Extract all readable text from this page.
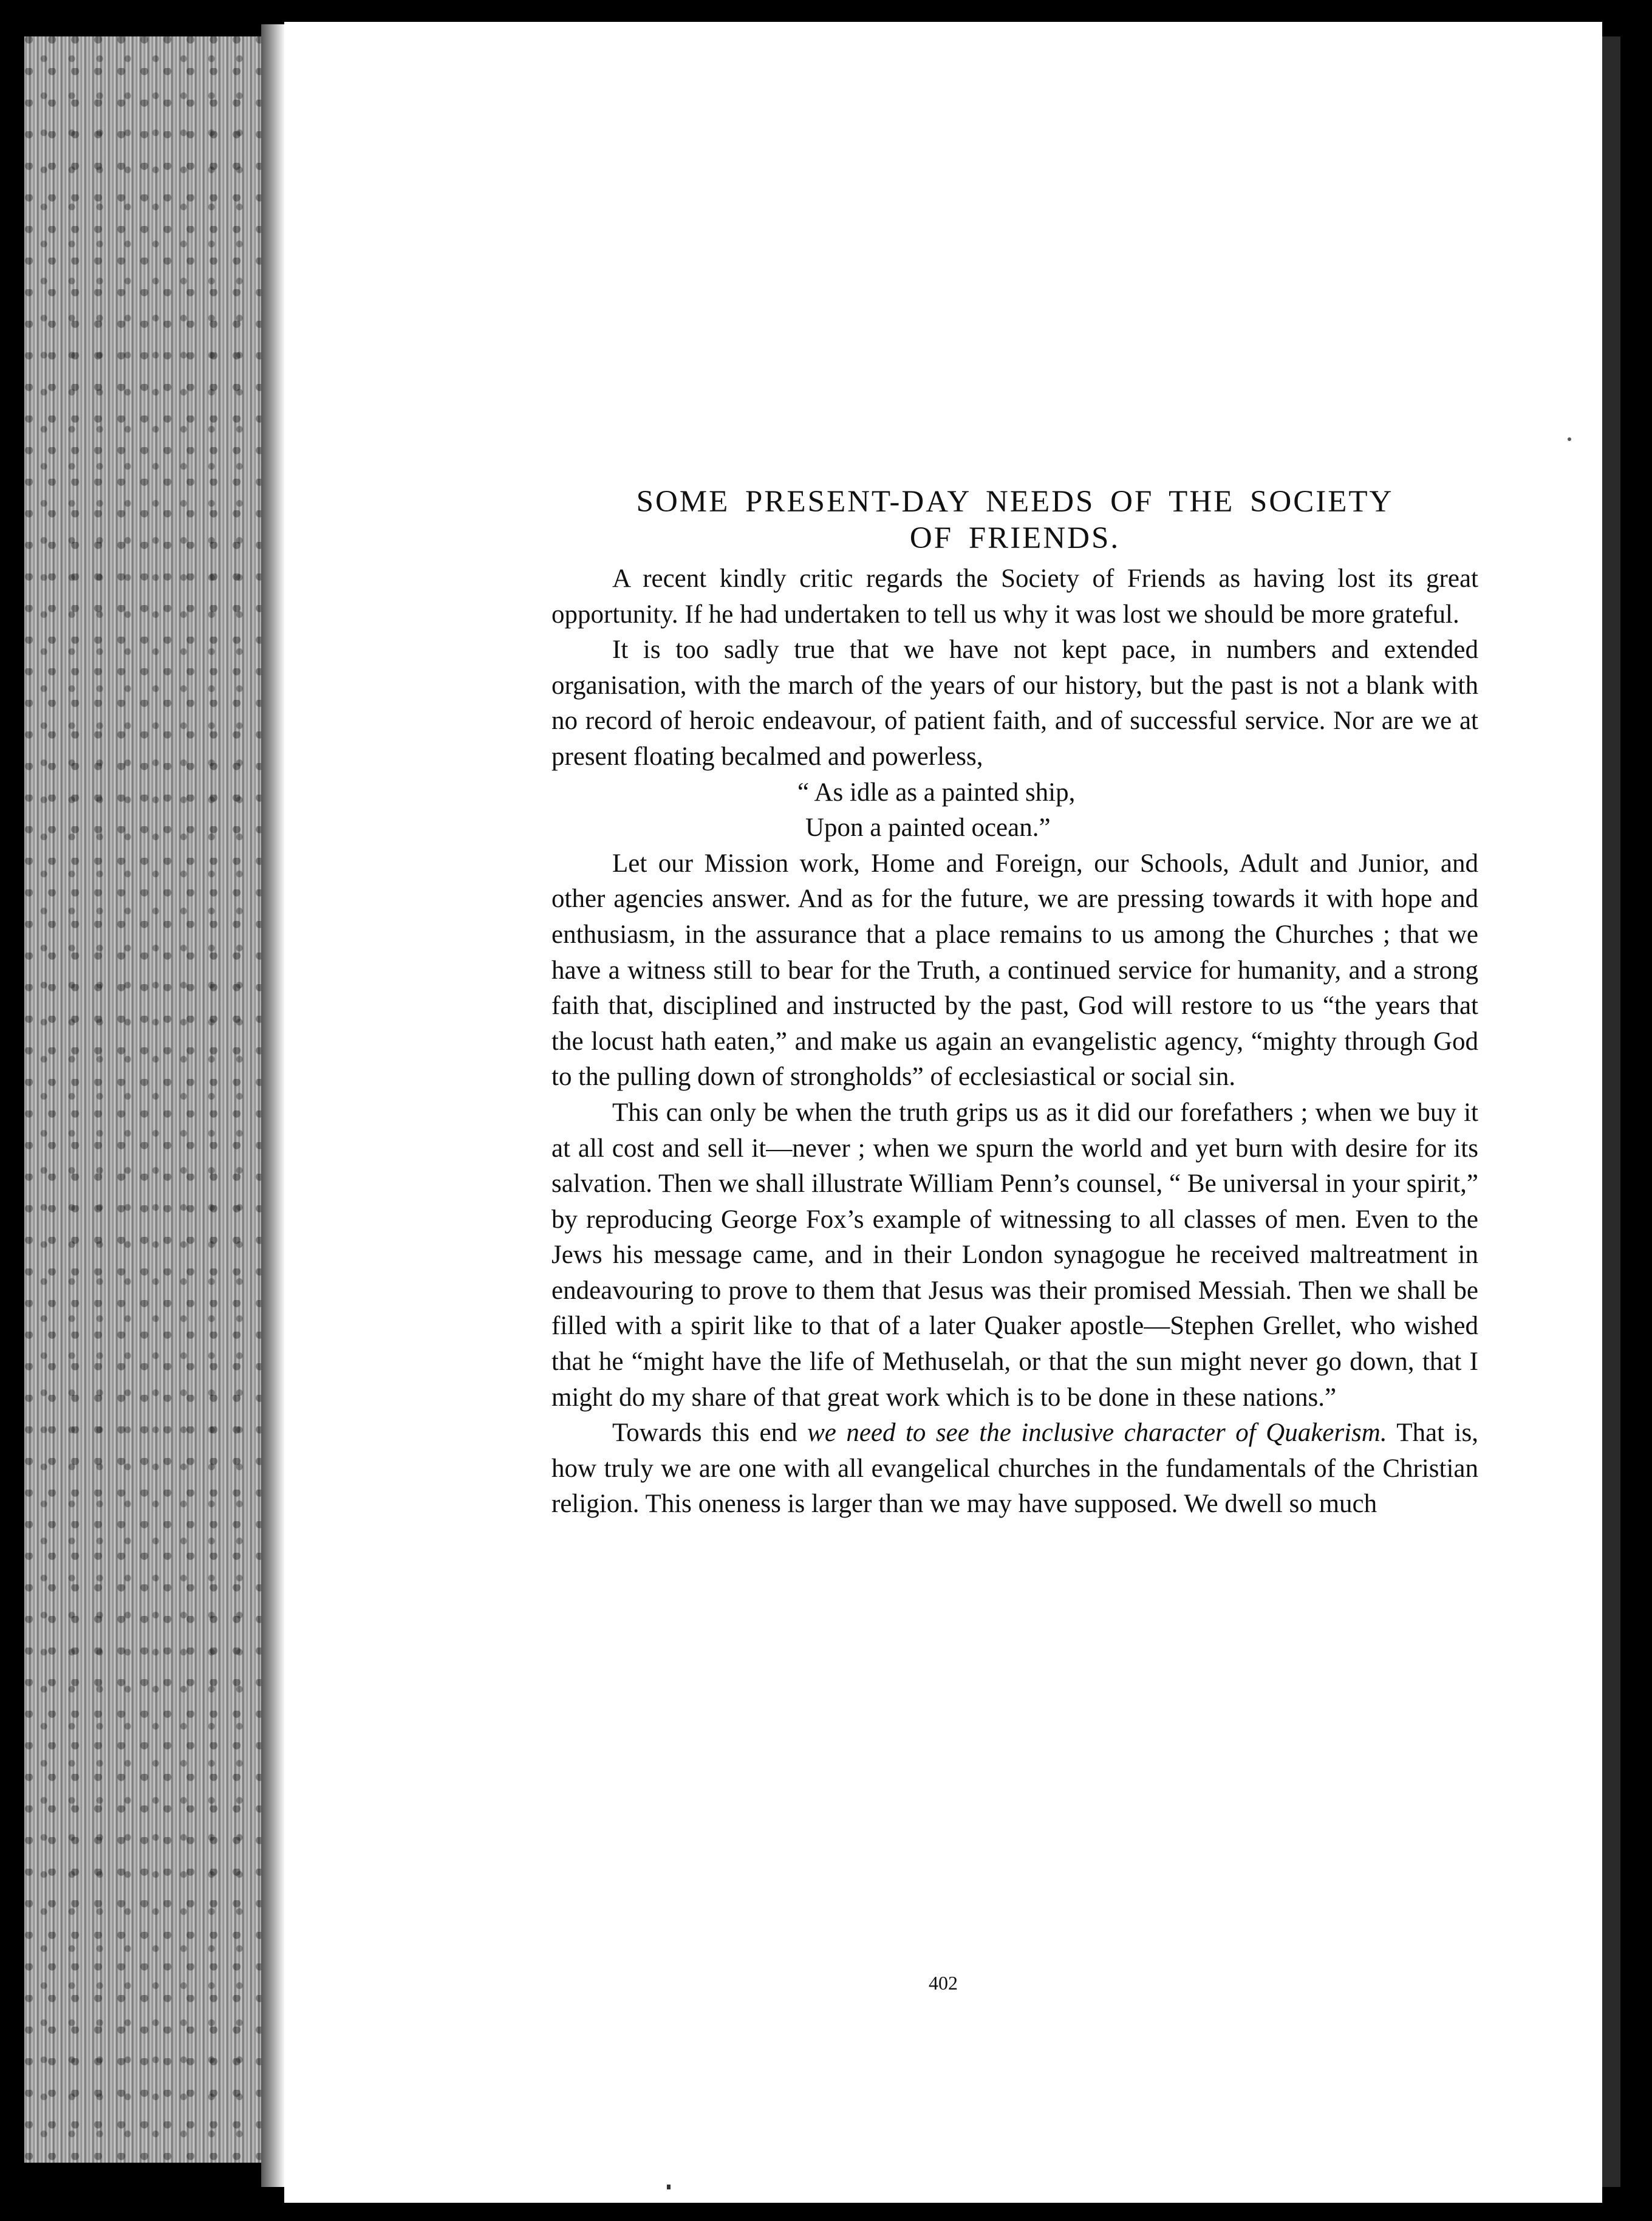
SOME PRESENT-DAY NEEDS OF THE SOCIETY
OF FRIENDS.

A recent kindly critic regards the Society of Friends as having lost its great opportunity. If he had undertaken to tell us why it was lost we should be more grateful.

It is too sadly true that we have not kept pace, in numbers and extended organisation, with the march of the years of our history, but the past is not a blank with no record of heroic endeavour, of patient faith, and of successful service. Nor are we at present floating becalmed and powerless,

“ As idle as a painted ship,
Upon a painted ocean.”

Let our Mission work, Home and Foreign, our Schools, Adult and Junior, and other agencies answer. And as for the future, we are pressing towards it with hope and enthusiasm, in the assurance that a place remains to us among the Churches ; that we have a witness still to bear for the Truth, a continued service for humanity, and a strong faith that, disciplined and instructed by the past, God will restore to us “the years that the locust hath eaten,” and make us again an evangelistic agency, “mighty through God to the pulling down of strongholds” of ecclesiastical or social sin.

This can only be when the truth grips us as it did our forefathers ; when we buy it at all cost and sell it—never ; when we spurn the world and yet burn with desire for its salvation. Then we shall illustrate William Penn’s counsel, “ Be universal in your spirit,” by reproducing George Fox’s example of witnessing to all classes of men. Even to the Jews his message came, and in their London synagogue he received maltreatment in endeavouring to prove to them that Jesus was their promised Messiah. Then we shall be filled with a spirit like to that of a later Quaker apostle—Stephen Grellet, who wished that he “might have the life of Methuselah, or that the sun might never go down, that I might do my share of that great work which is to be done in these nations.”

Towards this end we need to see the inclusive character of Quakerism. That is, how truly we are one with all evangelical churches in the fundamentals of the Christian religion. This oneness is larger than we may have supposed. We dwell so much

402
